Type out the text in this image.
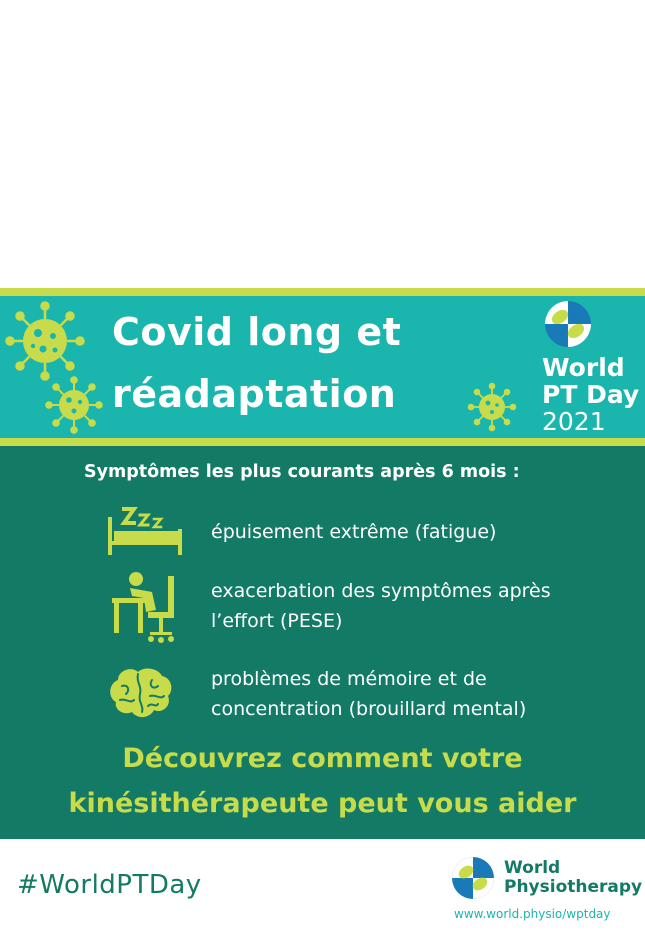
Covid long et
réadaptation
World
PT Day
2021
Symptômes les plus courants après 6 mois :
épuisement extrême (fatigue)
exacerbation des symptômes après
l’effort (PESE)
problèmes de mémoire et de
concentration (brouillard mental)
Découvrez comment votre
kinésithérapeute peut vous aider
#WorldPTDay
World
Physiotherapy
www.world.physio/wptday
